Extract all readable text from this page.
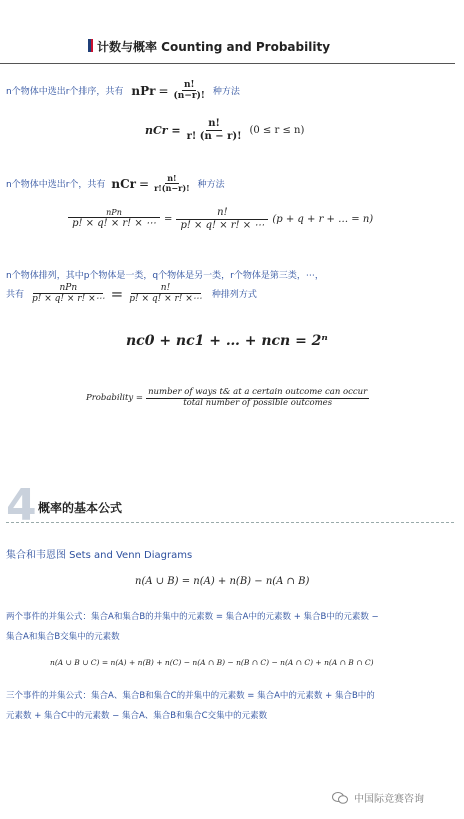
计数与概率 Counting and Probability
n个物体中选出r个排序，共有 nPr = $\frac{n!}{(n-r)!}$ 种方法
nCr = $\frac{n!}{r! (n - r)!} (0 \le r \le n)$
n个物体中选出r个，共有 nCr = $\frac{n!}{r!(n-r)!}$ 种方法
$\frac{\text{nPn}}{p! \times q! \times r! \times \cdots} = \frac{n!}{p! \times q! \times r! \times \cdots} (p + q + r$ + … = n)
n个物体排列，其中p个物体是一类，q个物体是另一类，r个物体是第三类，⋯，
共有 $\frac{\text{nPn}}{p! \times q! \times r! \times\cdots} = \frac{n!}{p! \times q! \times r! \times\cdots}$ 种排列方式
nc0 + nc1 + … + ncn = 2ⁿ
Probability = $\frac{\text{number of ways t\& at a certain outcome can occur}}{\text{total number of possible outcomes}}$
4 概率的基本公式
集合和韦恩图 Sets and Venn Diagrams
n(A ∪ B) = n(A) + n(B) − n(A ∩ B)
两个事件的并集公式：集合A和集合B的并集中的元素数 = 集合A中的元素数 + 集合B中的元素数 −
集合A和集合B交集中的元素数
n(A ∪ B ∪ C) = n(A) + n(B) + n(C) − n(A ∩ B) − n(B ∩ C) − n(A ∩ C) + n(A ∩ B ∩ C)
三个事件的并集公式：集合A、集合B和集合C的并集中的元素数 = 集合A中的元素数 + 集合B中的
元素数 + 集合C中的元素数 − 集合A、集合B和集合C交集中的元素数
中国际竞赛咨询
